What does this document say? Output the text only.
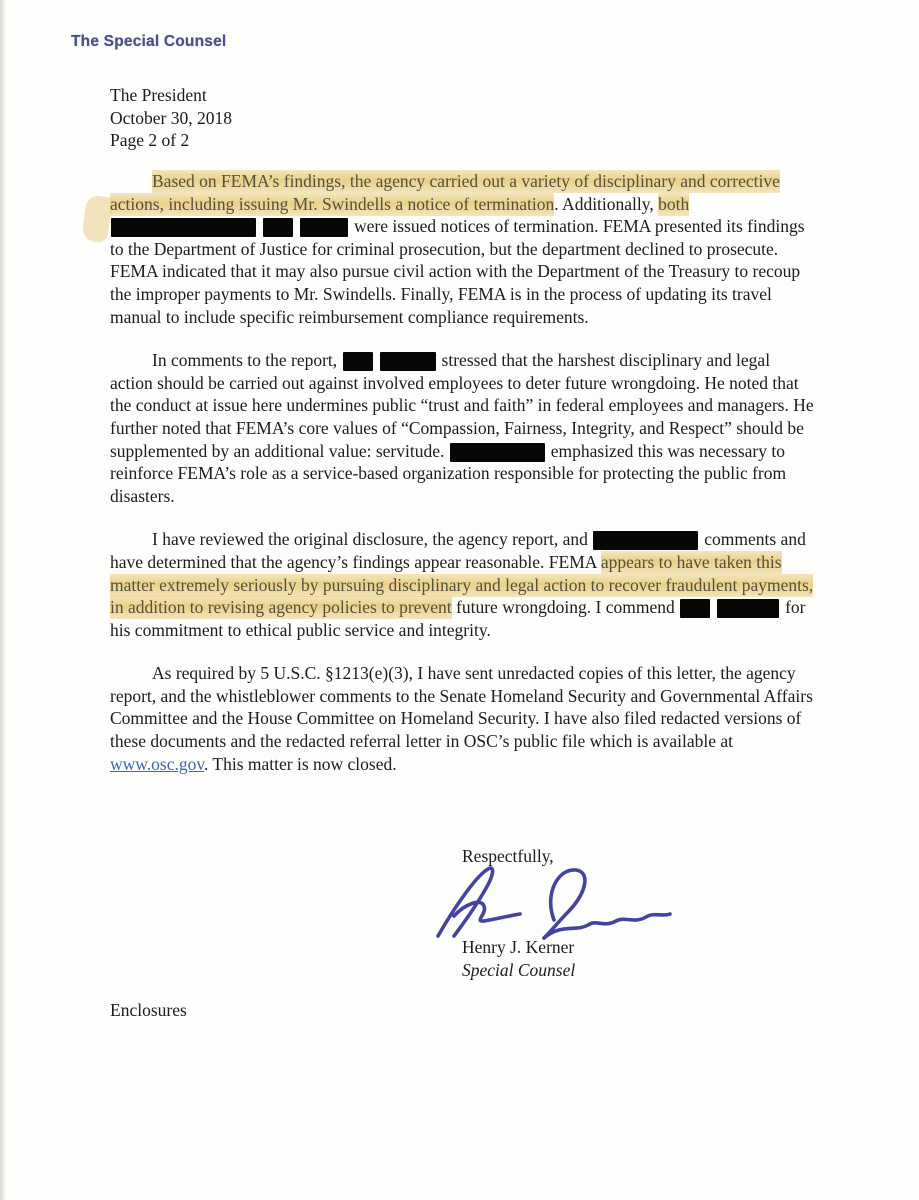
The Special Counsel
The President
October 30, 2018
Page 2 of 2

Based on FEMA’s findings, the agency carried out a variety of disciplinary and corrective actions, including issuing Mr. Swindells a notice of termination. Additionally, both were issued notices of termination. FEMA presented its findings to the Department of Justice for criminal prosecution, but the department declined to prosecute. FEMA indicated that it may also pursue civil action with the Department of the Treasury to recoup the improper payments to Mr. Swindells. Finally, FEMA is in the process of updating its travel manual to include specific reimbursement compliance requirements.

In comments to the report,	stressed that the harshest disciplinary and legal action should be carried out against involved employees to deter future wrongdoing. He noted that the conduct at issue here undermines public “trust and faith” in federal employees and managers. He further noted that FEMA’s core values of “Compassion, Fairness, Integrity, and Respect” should be supplemented by an additional value: servitude.	emphasized this was necessary to reinforce FEMA’s role as a service-based organization responsible for protecting the public from disasters.

I have reviewed the original disclosure, the agency report, and	comments and have determined that the agency’s findings appear reasonable. FEMA appears to have taken this matter extremely seriously by pursuing disciplinary and legal action to recover fraudulent payments, in addition to revising agency policies to prevent future wrongdoing. I commend	for his commitment to ethical public service and integrity.

As required by 5 U.S.C. §1213(e)(3), I have sent unredacted copies of this letter, the agency report, and the whistleblower comments to the Senate Homeland Security and Governmental Affairs Committee and the House Committee on Homeland Security. I have also filed redacted versions of these documents and the redacted referral letter in OSC’s public file which is available at www.osc.gov. This matter is now closed.

Respectfully,
Henry J. Kerner
Special Counsel
Enclosures
